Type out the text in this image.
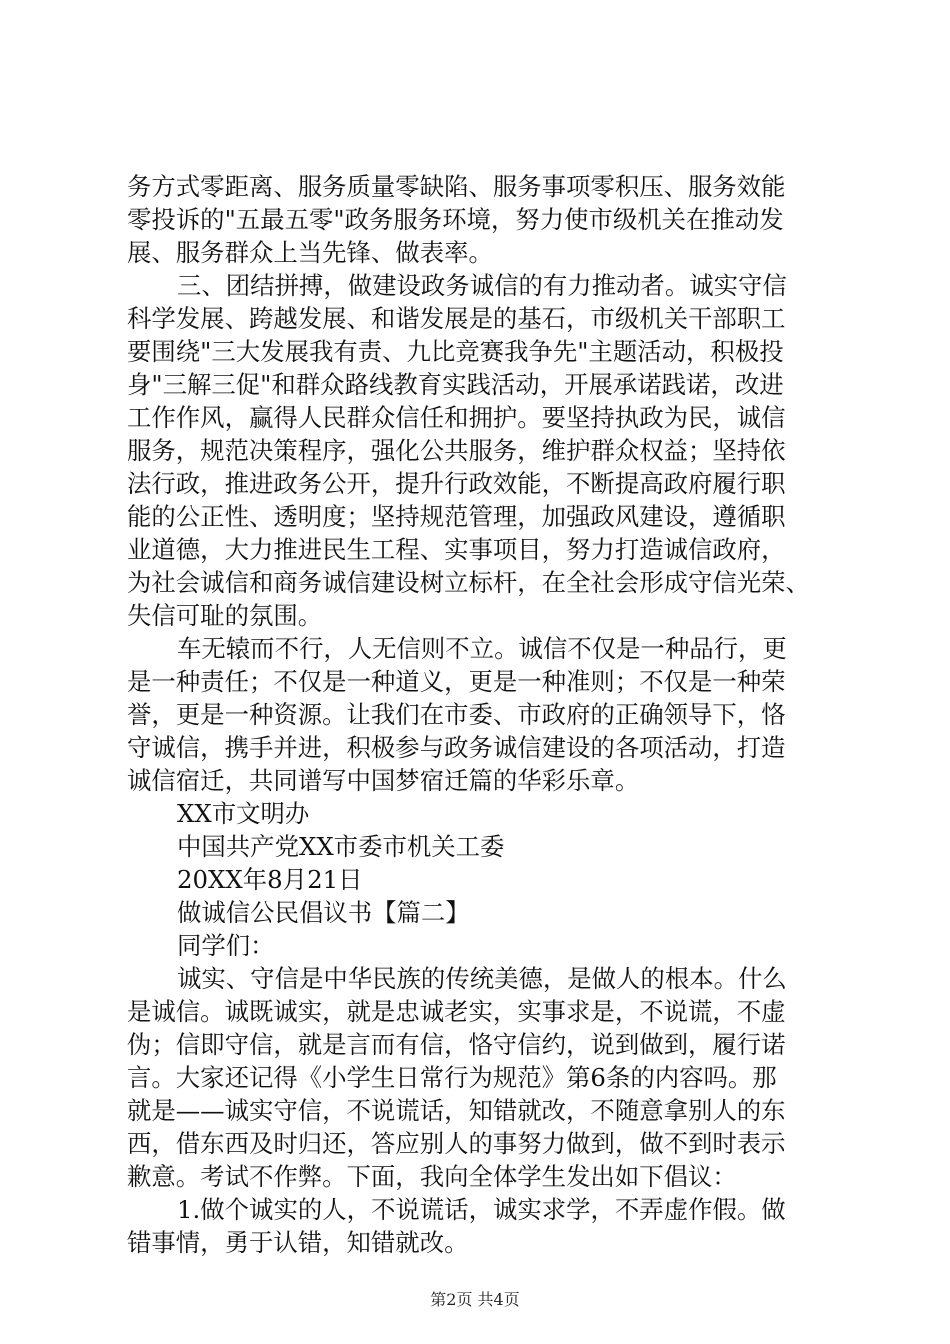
务方式零距离、服务质量零缺陷、服务事项零积压、服务效能
零投诉的"五最五零"政务服务环境，努力使市级机关在推动发
展、服务群众上当先锋、做表率。
三、团结拼搏，做建设政务诚信的有力推动者。诚实守信
科学发展、跨越发展、和谐发展是的基石，市级机关干部职工
要围绕"三大发展我有责、九比竞赛我争先"主题活动，积极投
身"三解三促"和群众路线教育实践活动，开展承诺践诺，改进
工作作风，赢得人民群众信任和拥护。要坚持执政为民，诚信
服务，规范决策程序，强化公共服务，维护群众权益；坚持依
法行政，推进政务公开，提升行政效能，不断提高政府履行职
能的公正性、透明度；坚持规范管理，加强政风建设，遵循职
业道德，大力推进民生工程、实事项目，努力打造诚信政府，
为社会诚信和商务诚信建设树立标杆，在全社会形成守信光荣、
失信可耻的氛围。
车无辕而不行，人无信则不立。诚信不仅是一种品行，更
是一种责任；不仅是一种道义，更是一种准则；不仅是一种荣
誉，更是一种资源。让我们在市委、市政府的正确领导下，恪
守诚信，携手并进，积极参与政务诚信建设的各项活动，打造
诚信宿迁，共同谱写中国梦宿迁篇的华彩乐章。
XX市文明办
中国共产党XX市委市机关工委
20XX年8月21日
做诚信公民倡议书【篇二】
同学们：
诚实、守信是中华民族的传统美德，是做人的根本。什么
是诚信。诚既诚实，就是忠诚老实，实事求是，不说谎，不虚
伪；信即守信，就是言而有信，恪守信约，说到做到，履行诺
言。大家还记得《小学生日常行为规范》第6条的内容吗。那
就是——诚实守信，不说谎话，知错就改，不随意拿别人的东
西，借东西及时归还，答应别人的事努力做到，做不到时表示
歉意。考试不作弊。下面，我向全体学生发出如下倡议：
1.做个诚实的人，不说谎话，诚实求学，不弄虚作假。做
错事情，勇于认错，知错就改。
第2页 共4页
